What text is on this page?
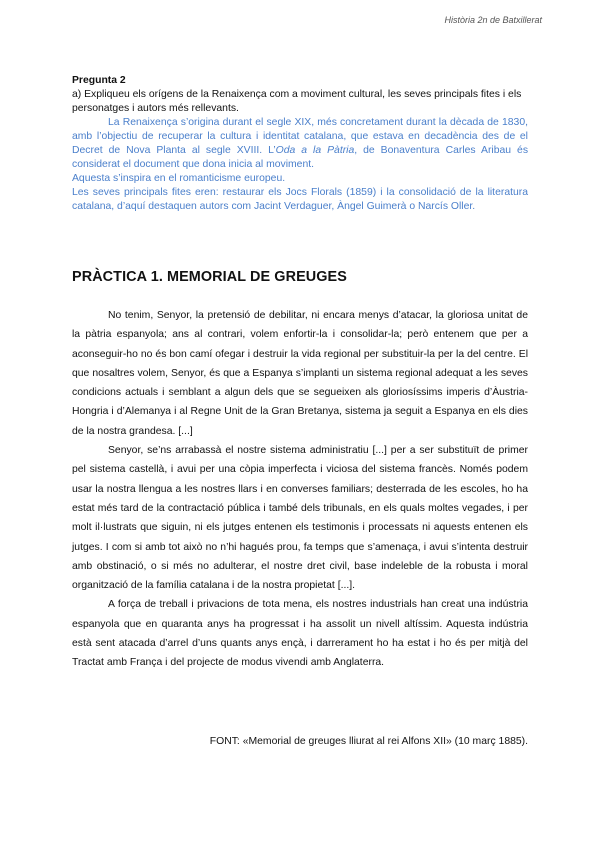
Història 2n de Batxillerat

Pregunta 2

a) Expliqueu els orígens de la Renaixença com a moviment cultural, les seves principals fites i els personatges i autors més rellevants.

La Renaixença s’origina durant el segle XIX, més concretament durant la dècada de 1830, amb l’objectiu de recuperar la cultura i identitat catalana, que estava en decadència des de el Decret de Nova Planta al segle XVIII. L’Oda a la Pàtria, de Bonaventura Carles Aribau és considerat el document que dona inicia al moviment.

Aquesta s’inspira en el romanticisme europeu.

Les seves principals fites eren: restaurar els Jocs Florals (1859) i la consolidació de la literatura catalana, d’aquí destaquen autors com Jacint Verdaguer, Àngel Guimerà o Narcís Oller.

PRÀCTICA 1. MEMORIAL DE GREUGES

No tenim, Senyor, la pretensió de debilitar, ni encara menys d’atacar, la gloriosa unitat de la pàtria espanyola; ans al contrari, volem enfortir-la i consolidar-la; però entenem que per a aconseguir-ho no és bon camí ofegar i destruir la vida regional per substituir-la per la del centre. El que nosaltres volem, Senyor, és que a Espanya s’implanti un sistema regional adequat a les seves condicions actuals i semblant a algun dels que se segueixen als gloriosíssims imperis d’Àustria-Hongria i d’Alemanya i al Regne Unit de la Gran Bretanya, sistema ja seguit a Espanya en els dies de la nostra grandesa. [...]

Senyor, se’ns arrabassà el nostre sistema administratiu [...] per a ser substituït de primer pel sistema castellà, i avui per una còpia imperfecta i viciosa del sistema francès. Només podem usar la nostra llengua a les nostres llars i en converses familiars; desterrada de les escoles, ho ha estat més tard de la contractació pública i també dels tribunals, en els quals moltes vegades, i per molt il·lustrats que siguin, ni els jutges entenen els testimonis i processats ni aquests entenen els jutges. I com si amb tot això no n’hi hagués prou, fa temps que s’amenaça, i avui s’intenta destruir amb obstinació, o si més no adulterar, el nostre dret civil, base indeleble de la robusta i moral organització de la família catalana i de la nostra propietat [...].

A força de treball i privacions de tota mena, els nostres industrials han creat una indústria espanyola que en quaranta anys ha progressat i ha assolit un nivell altíssim. Aquesta indústria està sent atacada d’arrel d’uns quants anys ençà, i darrerament ho ha estat i ho és per mitjà del Tractat amb França i del projecte de modus vivendi amb Anglaterra.

FONT: «Memorial de greuges lliurat al rei Alfons XII» (10 març 1885).
